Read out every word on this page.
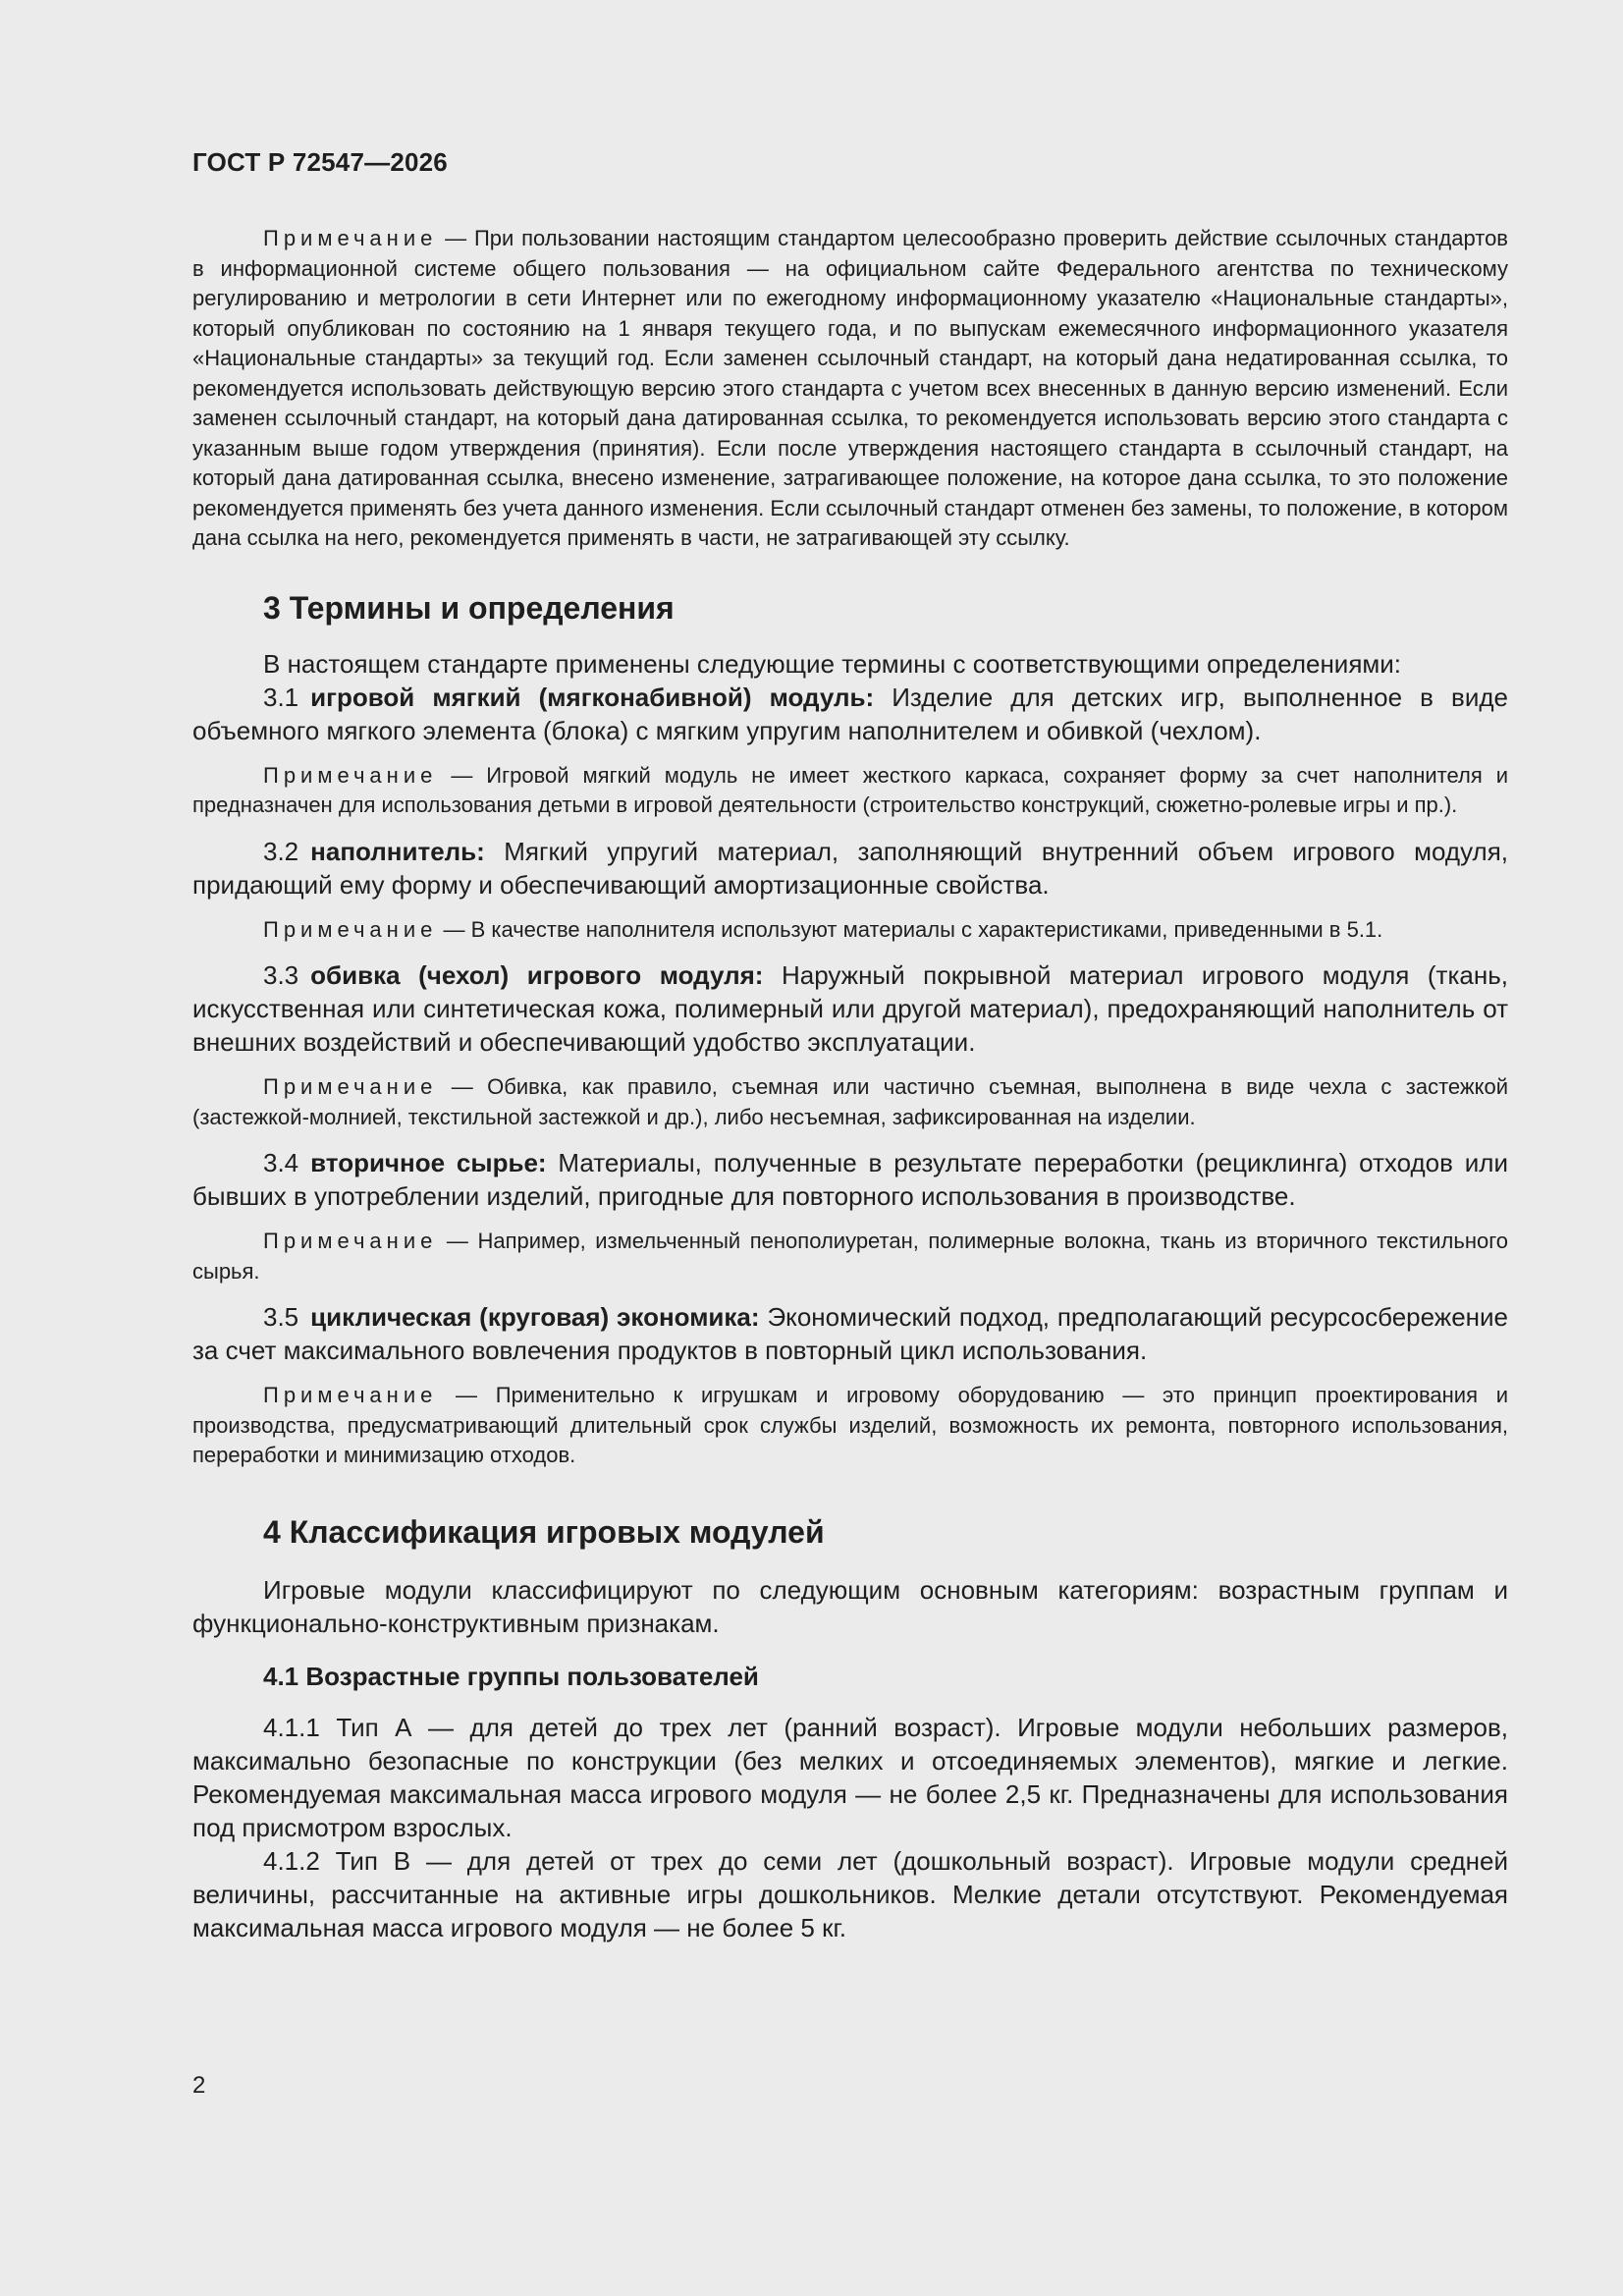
ГОСТ Р 72547—2026

Примечание — При пользовании настоящим стандартом целесообразно проверить действие ссылочных стандартов в информационной системе общего пользования — на официальном сайте Федерального агентства по техническому регулированию и метрологии в сети Интернет или по ежегодному информационному указателю «Национальные стандарты», который опубликован по состоянию на 1 января текущего года, и по выпускам ежемесячного информационного указателя «Национальные стандарты» за текущий год. Если заменен ссылочный стандарт, на который дана недатированная ссылка, то рекомендуется использовать действующую версию этого стандарта с учетом всех внесенных в данную версию изменений. Если заменен ссылочный стандарт, на который дана датированная ссылка, то рекомендуется использовать версию этого стандарта с указанным выше годом утверждения (принятия). Если после утверждения настоящего стандарта в ссылочный стандарт, на который дана датированная ссылка, внесено изменение, затрагивающее положение, на которое дана ссылка, то это положение рекомендуется применять без учета данного изменения. Если ссылочный стандарт отменен без замены, то положение, в котором дана ссылка на него, рекомендуется применять в части, не затрагивающей эту ссылку.

3 Термины и определения

В настоящем стандарте применены следующие термины с соответствующими определениями:

3.1 игровой мягкий (мягконабивной) модуль: Изделие для детских игр, выполненное в виде объемного мягкого элемента (блока) с мягким упругим наполнителем и обивкой (чехлом).

Примечание — Игровой мягкий модуль не имеет жесткого каркаса, сохраняет форму за счет наполнителя и предназначен для использования детьми в игровой деятельности (строительство конструкций, сюжетно-ролевые игры и пр.).

3.2 наполнитель: Мягкий упругий материал, заполняющий внутренний объем игрового модуля, придающий ему форму и обеспечивающий амортизационные свойства.

Примечание — В качестве наполнителя используют материалы с характеристиками, приведенными в 5.1.

3.3 обивка (чехол) игрового модуля: Наружный покрывной материал игрового модуля (ткань, искусственная или синтетическая кожа, полимерный или другой материал), предохраняющий наполнитель от внешних воздействий и обеспечивающий удобство эксплуатации.

Примечание — Обивка, как правило, съемная или частично съемная, выполнена в виде чехла с застежкой (застежкой-молнией, текстильной застежкой и др.), либо несъемная, зафиксированная на изделии.

3.4 вторичное сырье: Материалы, полученные в результате переработки (рециклинга) отходов или бывших в употреблении изделий, пригодные для повторного использования в производстве.

Примечание — Например, измельченный пенополиуретан, полимерные волокна, ткань из вторичного текстильного сырья.

3.5 циклическая (круговая) экономика: Экономический подход, предполагающий ресурсосбережение за счет максимального вовлечения продуктов в повторный цикл использования.

Примечание — Применительно к игрушкам и игровому оборудованию — это принцип проектирования и производства, предусматривающий длительный срок службы изделий, возможность их ремонта, повторного использования, переработки и минимизацию отходов.

4 Классификация игровых модулей

Игровые модули классифицируют по следующим основным категориям: возрастным группам и функционально-конструктивным признакам.

4.1 Возрастные группы пользователей

4.1.1 Тип А — для детей до трех лет (ранний возраст). Игровые модули небольших размеров, максимально безопасные по конструкции (без мелких и отсоединяемых элементов), мягкие и легкие. Рекомендуемая максимальная масса игрового модуля — не более 2,5 кг. Предназначены для использования под присмотром взрослых.

4.1.2 Тип В — для детей от трех до семи лет (дошкольный возраст). Игровые модули средней величины, рассчитанные на активные игры дошкольников. Мелкие детали отсутствуют. Рекомендуемая максимальная масса игрового модуля — не более 5 кг.

2
